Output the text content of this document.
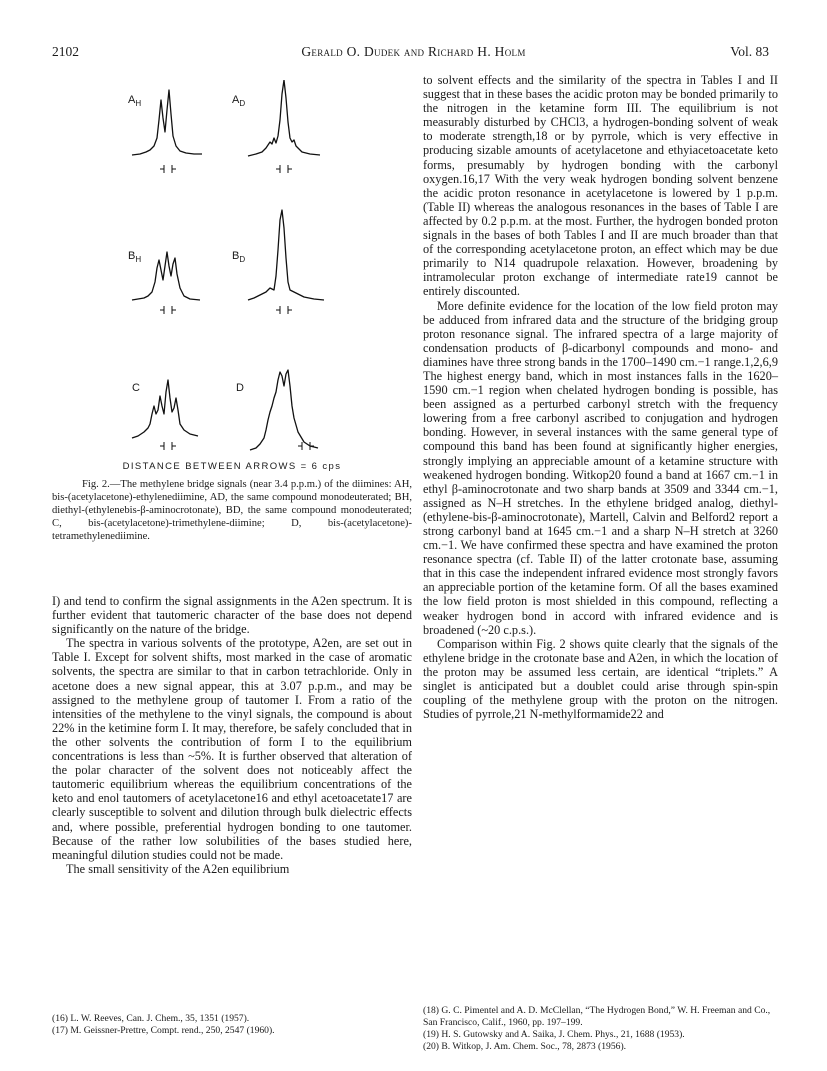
2102	Gerald O. Dudek and Richard H. Holm	Vol. 83
$A_H$	$A_D$
$B_H$	$B_D$
C	D
DISTANCE BETWEEN ARROWS = 6 cps

Fig. 2.—The methylene bridge signals (near 3.4 p.p.m.) of the diimines: AH, bis-(acetylacetone)-ethylenediimine, AD, the same compound monodeuterated; BH, diethyl-(ethylenebis-β-aminocrotonate), BD, the same compound monodeuterated; C, bis-(acetylacetone)-trimethylene-diimine; D, bis-(acetylacetone)-tetramethylenediimine.

I) and tend to confirm the signal assignments in the A2en spectrum. It is further evident that tautomeric character of the base does not depend significantly on the nature of the bridge.

The spectra in various solvents of the prototype, A2en, are set out in Table I. Except for solvent shifts, most marked in the case of aromatic solvents, the spectra are similar to that in carbon tetrachloride. Only in acetone does a new signal appear, this at 3.07 p.p.m., and may be assigned to the methylene group of tautomer I. From a ratio of the intensities of the methylene to the vinyl signals, the compound is about 22% in the ketimine form I. It may, therefore, be safely concluded that in the other solvents the contribution of form I to the equilibrium concentrations is less than ~5%. It is further observed that alteration of the polar character of the solvent does not noticeably affect the tautomeric equilibrium whereas the equilibrium concentrations of the keto and enol tautomers of acetylacetone16 and ethyl acetoacetate17 are clearly susceptible to solvent and dilution through bulk dielectric effects and, where possible, preferential hydrogen bonding to one tautomer. Because of the rather low solubilities of the bases studied here, meaningful dilution studies could not be made.

The small sensitivity of the A2en equilibrium

(16) L. W. Reeves, Can. J. Chem., 35, 1351 (1957).

(17) M. Geissner-Prettre, Compt. rend., 250, 2547 (1960).

to solvent effects and the similarity of the spectra in Tables I and II suggest that in these bases the acidic proton may be bonded primarily to the nitrogen in the ketamine form III. The equilibrium is not measurably disturbed by CHCl3, a hydrogen-bonding solvent of weak to moderate strength,18 or by pyrrole, which is very effective in producing sizable amounts of acetylacetone and ethyiacetoacetate keto forms, presumably by hydrogen bonding with the carbonyl oxygen.16,17 With the very weak hydrogen bonding solvent benzene the acidic proton resonance in acetylacetone is lowered by 1 p.p.m. (Table II) whereas the analogous resonances in the bases of Table I are affected by 0.2 p.p.m. at the most. Further, the hydrogen bonded proton signals in the bases of both Tables I and II are much broader than that of the corresponding acetylacetone proton, an effect which may be due primarily to N14 quadrupole relaxation. However, broadening by intramolecular proton exchange of intermediate rate19 cannot be entirely discounted.

More definite evidence for the location of the low field proton may be adduced from infrared data and the structure of the bridging group proton resonance signal. The infrared spectra of a large majority of condensation products of β-dicarbonyl compounds and mono- and diamines have three strong bands in the 1700–1490 cm.−1 range.1,2,6,9 The highest energy band, which in most instances falls in the 1620–1590 cm.−1 region when chelated hydrogen bonding is possible, has been assigned as a perturbed carbonyl stretch with the frequency lowering from a free carbonyl ascribed to conjugation and hydrogen bonding. However, in several instances with the same general type of compound this band has been found at significantly higher energies, strongly implying an appreciable amount of a ketamine structure with weakened hydrogen bonding. Witkop20 found a band at 1667 cm.−1 in ethyl β-aminocrotonate and two sharp bands at 3509 and 3344 cm.−1, assigned as N–H stretches. In the ethylene bridged analog, diethyl-(ethylene-bis-β-aminocrotonate), Martell, Calvin and Belford2 report a strong carbonyl band at 1645 cm.−1 and a sharp N–H stretch at 3260 cm.−1. We have confirmed these spectra and have examined the proton resonance spectra (cf. Table II) of the latter crotonate base, assuming that in this case the independent infrared evidence most strongly favors an appreciable portion of the ketamine form. Of all the bases examined the low field proton is most shielded in this compound, reflecting a weaker hydrogen bond in accord with infrared evidence and is broadened (~20 c.p.s.).

Comparison within Fig. 2 shows quite clearly that the signals of the ethylene bridge in the crotonate base and A2en, in which the location of the proton may be assumed less certain, are identical “triplets.” A singlet is anticipated but a doublet could arise through spin-spin coupling of the methylene group with the proton on the nitrogen. Studies of pyrrole,21 N-methylformamide22 and

(18) G. C. Pimentel and A. D. McClellan, “The Hydrogen Bond,” W. H. Freeman and Co., San Francisco, Calif., 1960, pp. 197–199.

(19) H. S. Gutowsky and A. Saika, J. Chem. Phys., 21, 1688 (1953).

(20) B. Witkop, J. Am. Chem. Soc., 78, 2873 (1956).
